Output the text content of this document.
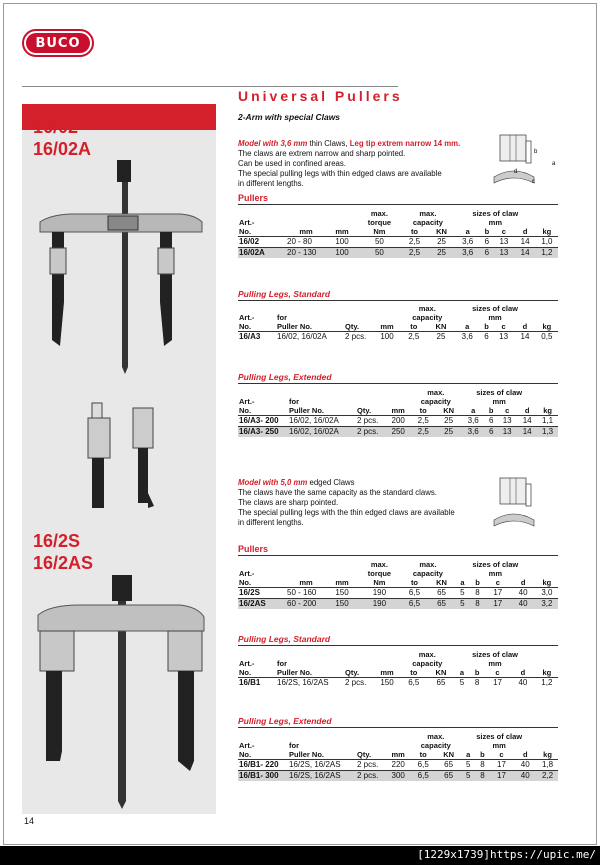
BUCO
16/02
16/02A
16/2S
16/2AS
Universal Pullers
2-Arm with special Claws
Model with 3,6 mm thin Claws, Leg tip extrem narrow 14 mm.
The claws are extrem narrow and sharp pointed.
Can be used in confined areas.
The special pulling legs with thin edged claws are available
in different lengths.
b
a
d
c
Pullers
			max.	max.		sizes of claw				
Art.-			torque	capacity		mm				
No.	mm	mm	Nm	to	KN	a	b	c	d	kg
16/02	20 - 80	100	50	2,5	25	3,6	6	13	14	1,0
16/02A	20 - 130	100	50	2,5	25	3,6	6	13	14	1,2
Pulling Legs, Standard
				max.		sizes of claw				
Art.-	for			capacity		mm				
No.	Puller No.	Qty.	mm	to	KN	a	b	c	d	kg
16/A3	16/02, 16/02A	2 pcs.	100	2,5	25	3,6	6	13	14	0,5
Pulling Legs, Extended
				max.		sizes of claw				
Art.-	for			capacity		mm				
No.	Puller No.	Qty.	mm	to	KN	a	b	c	d	kg
16/A3- 200	16/02, 16/02A	2 pcs.	200	2,5	25	3,6	6	13	14	1,1
16/A3- 250	16/02, 16/02A	2 pcs.	250	2,5	25	3,6	6	13	14	1,3
Model with 5,0 mm edged Claws
The claws have the same capacity as the standard claws.
The claws are sharp pointed.
The special pulling legs with the thin edged claws are available
in different lengths.
Pullers
			max.	max.		sizes of claw				
Art.-			torque	capacity		mm				
No.	mm	mm	Nm	to	KN	a	b	c	d	kg
16/2S	50 - 160	150	190	6,5	65	5	8	17	40	3,0
16/2AS	60 - 200	150	190	6,5	65	5	8	17	40	3,2
Pulling Legs, Standard
				max.		sizes of claw				
Art.-	for			capacity		mm				
No.	Puller No.	Qty.	mm	to	KN	a	b	c	d	kg
16/B1	16/2S, 16/2AS	2 pcs.	150	6,5	65	5	8	17	40	1,2
Pulling Legs, Extended
				max.		sizes of claw				
Art.-	for			capacity		mm				
No.	Puller No.	Qty.	mm	to	KN	a	b	c	d	kg
16/B1- 220	16/2S, 16/2AS	2 pcs.	220	6,5	65	5	8	17	40	1,8
16/B1- 300	16/2S, 16/2AS	2 pcs.	300	6,5	65	5	8	17	40	2,2
14
[1229x1739]https://upic.me/
